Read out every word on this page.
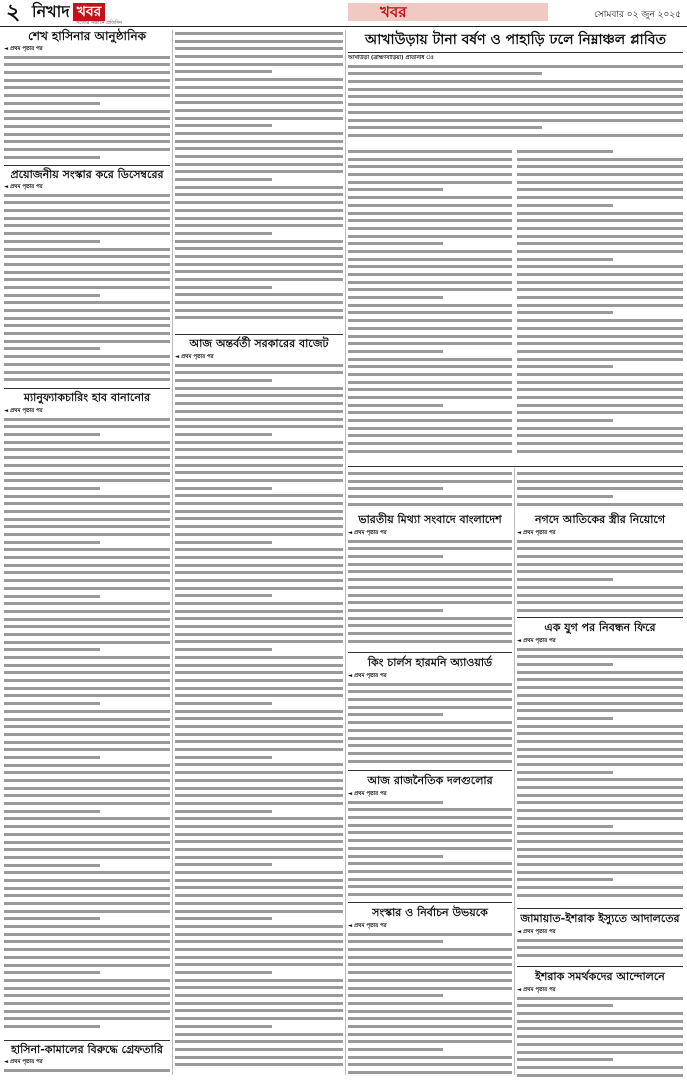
২ নিখাদ খবর
সত্যের সন্ধানে প্রতিদিন
খবর	সোমবার ০২ জুন ২০২৫
শেখ হাসিনার আনুষ্ঠানিক
◄ প্রথম পৃষ্ঠার পর
প্রয়োজনীয় সংস্কার করে ডিসেম্বরের
◄ প্রথম পৃষ্ঠার পর
ম্যানুফ্যাকচারিং হাব বানানোর
◄ প্রথম পৃষ্ঠার পর
হাসিনা-কামালের বিরুদ্ধে গ্রেফতারি
◄ প্রথম পৃষ্ঠার পর
আজ অন্তর্বর্তী সরকারের বাজেট
◄ প্রথম পৃষ্ঠার পর
আখাউড়ায় টানা বর্ষণ ও পাহাড়ি ঢলে নিম্নাঞ্চল প্লাবিত
আখাউড়া (ব্রাহ্মণবাড়িয়া) প্রতিনিধি ঃ
ভারতীয় মিথ্যা সংবাদে বাংলাদেশ
◄ প্রথম পৃষ্ঠার পর
কিং চার্লস হারমনি অ্যাওয়ার্ড
◄ প্রথম পৃষ্ঠার পর
আজ রাজনৈতিক দলগুলোর
◄ প্রথম পৃষ্ঠার পর
সংস্কার ও নির্বাচন উভয়কে
◄ প্রথম পৃষ্ঠার পর
নগদে আতিকের স্ত্রীর নিয়োগে
◄ প্রথম পৃষ্ঠার পর
এক যুগ পর নিবন্ধন ফিরে
◄ প্রথম পৃষ্ঠার পর
জামায়াত-ইশরাক ইস্যুতে আদালতের
◄ প্রথম পৃষ্ঠার পর
ইশরাক সমর্থকদের আন্দোলনে
◄ প্রথম পৃষ্ঠার পর
